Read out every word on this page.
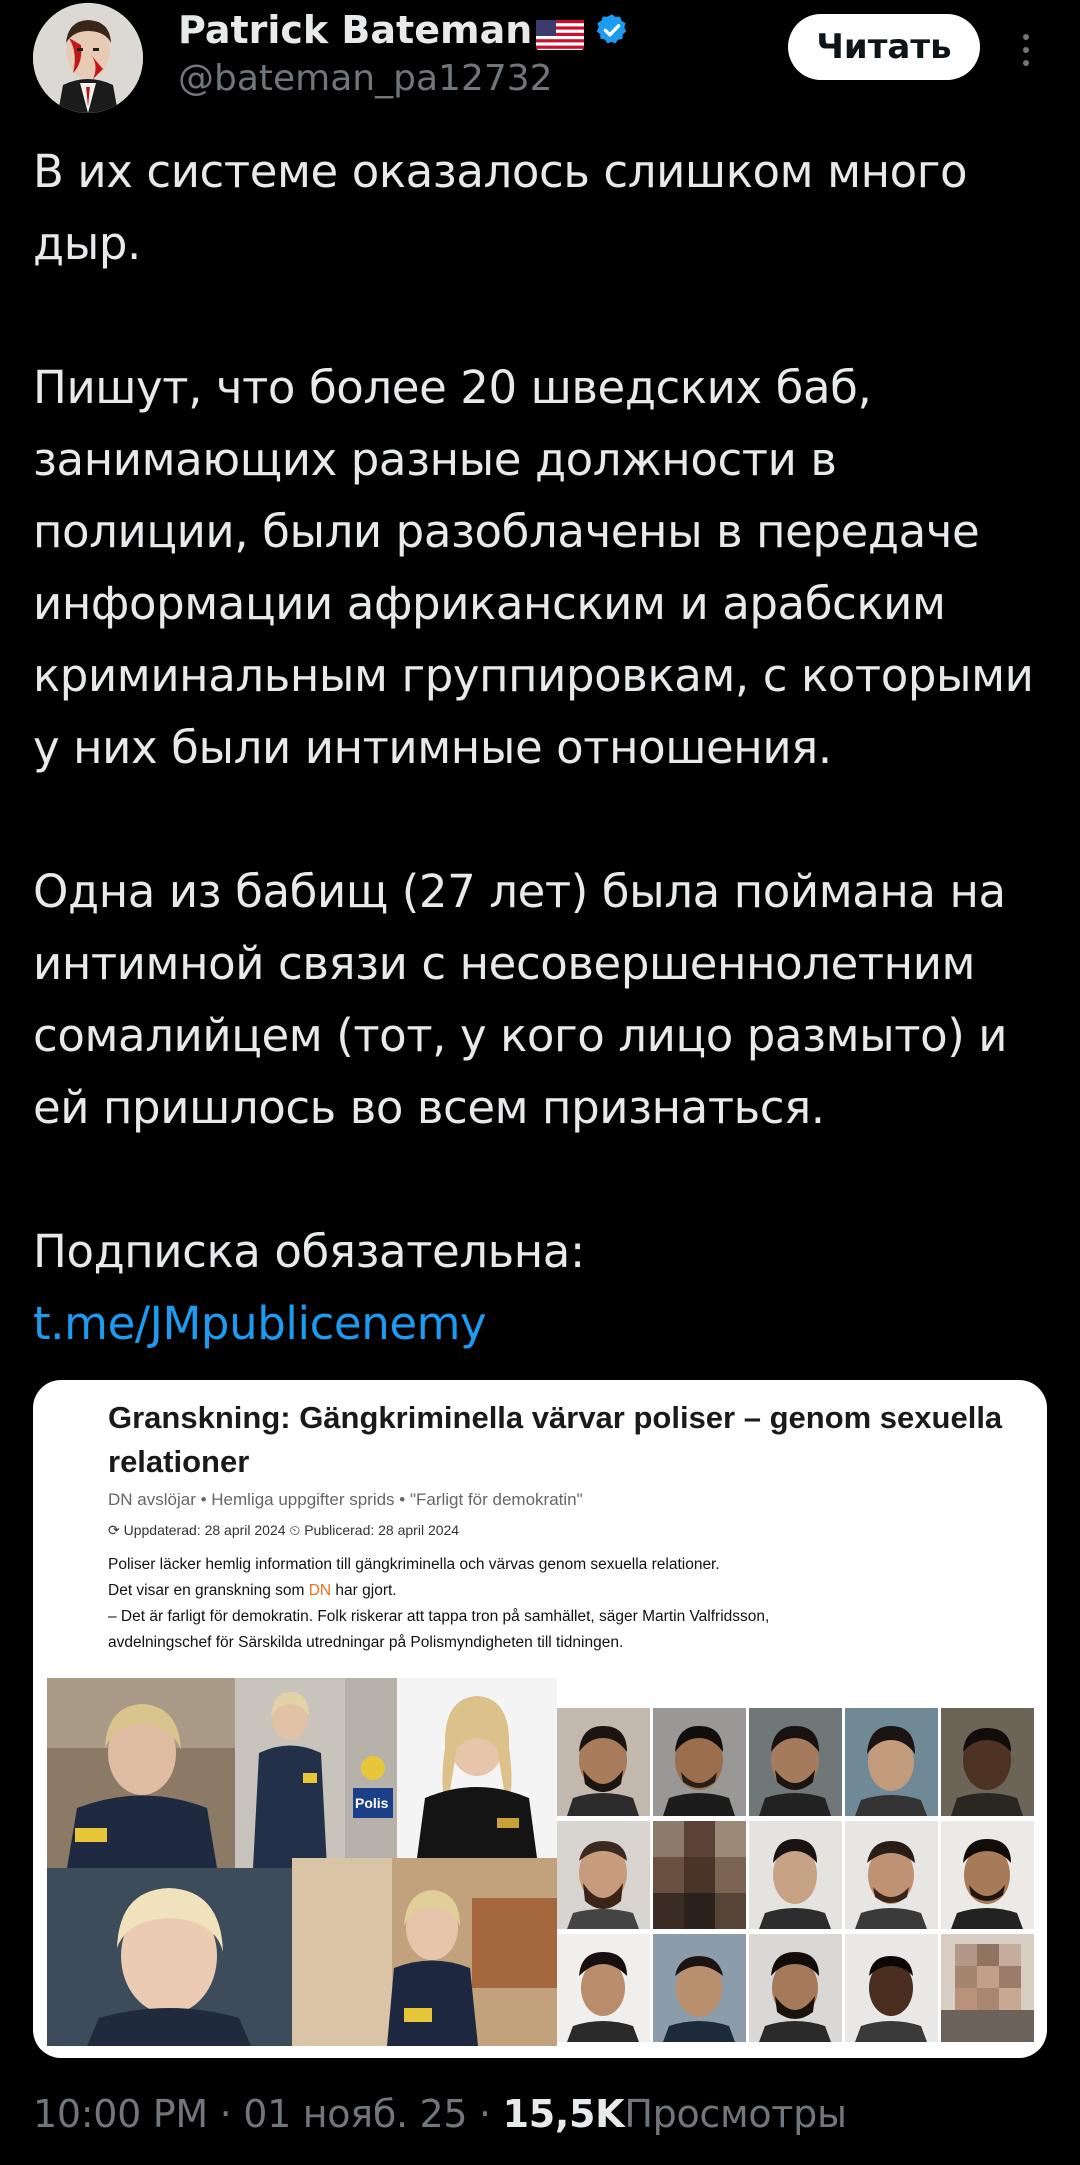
Patrick Bateman
@bateman_pa12732
Читать

В их системе оказалось слишком много дыр.

Пишут, что более 20 шведских баб, занимающих разные должности в полиции, были разоблачены в передаче информации африканским и арабским криминальным группировкам, с которыми у них были интимные отношения.

Одна из бабищ (27 лет) была поймана на интимной связи с несовершеннолетним сомалийцем (тот, у кого лицо размыто) и ей пришлось во всем признаться.

Подписка обязательна: t.me/JMpublicenemy

Granskning: Gängkriminella värvar poliser – genom sexuella relationer
DN avslöjar • Hemliga uppgifter sprids • "Farligt för demokratin"
⟳ Uppdaterad: 28 april 2024 ⏲ Publicerad: 28 april 2024
Poliser läcker hemlig information till gängkriminella och värvas genom sexuella relationer.
Det visar en granskning som DN har gjort.
– Det är farligt för demokratin. Folk riskerar att tappa tron på samhället, säger Martin Valfridsson,
avdelningschef för Särskilda utredningar på Polismyndigheten till tidningen.
Polis
10:00 PM · 01 нояб. 25 · 15,5KПросмотры
